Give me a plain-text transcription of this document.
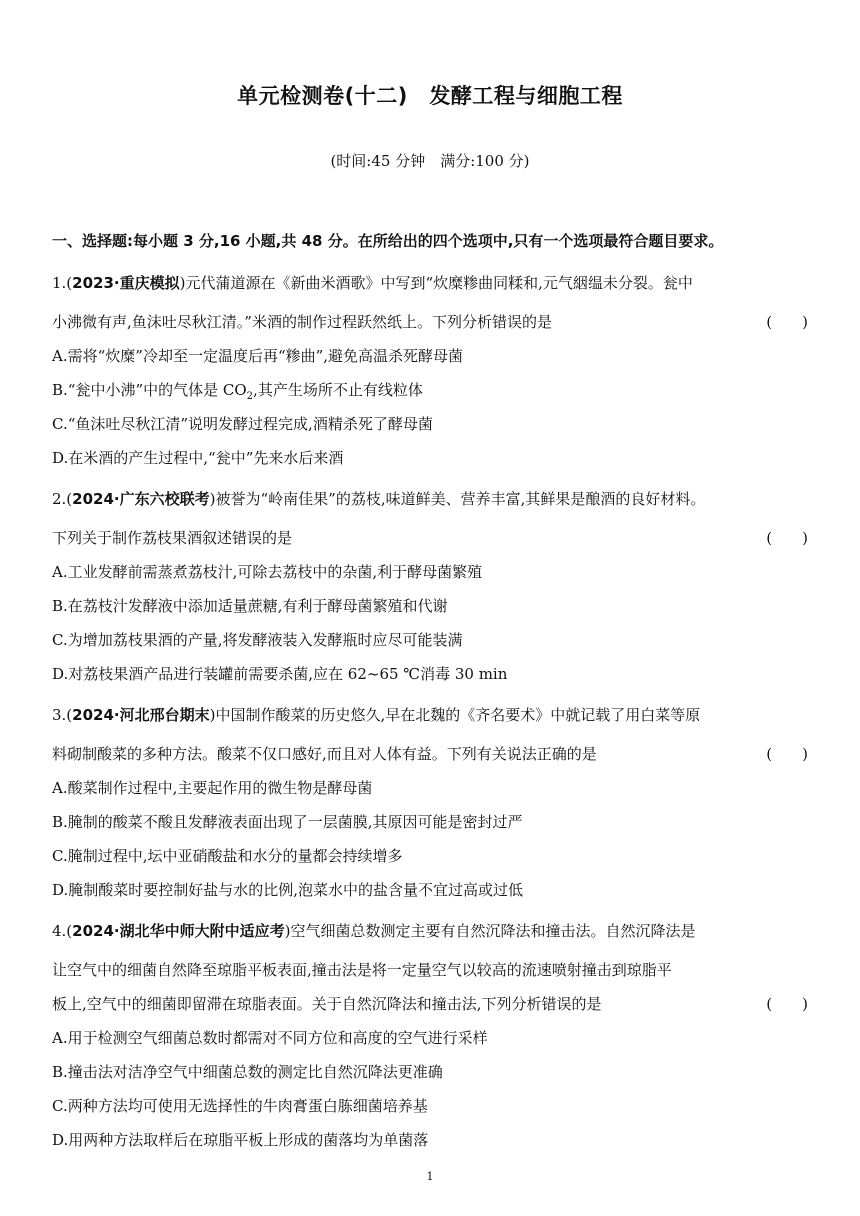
单元检测卷(十二)　发酵工程与细胞工程
(时间:45 分钟　满分:100 分)
一、选择题:每小题 3 分,16 小题,共 48 分。在所给出的四个选项中,只有一个选项最符合题目要求。
1.(2023·重庆模拟)元代蒲道源在《新曲米酒歌》中写到“炊糜糁曲同糅和,元气絪缊未分裂。瓮中
小沸微有声,鱼沫吐尽秋江清。”米酒的制作过程跃然纸上。下列分析错误的是	(　　)
A.需将“炊糜”冷却至一定温度后再“糁曲”,避免高温杀死酵母菌
B.“瓮中小沸”中的气体是 $CO_2$,其产生场所不止有线粒体
C.“鱼沫吐尽秋江清”说明发酵过程完成,酒精杀死了酵母菌
D.在米酒的产生过程中,“瓮中”先来水后来酒
2.(2024·广东六校联考)被誉为“岭南佳果”的荔枝,味道鲜美、营养丰富,其鲜果是酿酒的良好材料。
下列关于制作荔枝果酒叙述错误的是	(　　)
A.工业发酵前需蒸煮荔枝汁,可除去荔枝中的杂菌,利于酵母菌繁殖
B.在荔枝汁发酵液中添加适量蔗糖,有利于酵母菌繁殖和代谢
C.为增加荔枝果酒的产量,将发酵液装入发酵瓶时应尽可能装满
D.对荔枝果酒产品进行装罐前需要杀菌,应在 62~65 ℃消毒 30 min
3.(2024·河北邢台期末)中国制作酸菜的历史悠久,早在北魏的《齐名要术》中就记载了用白菜等原
料砌制酸菜的多种方法。酸菜不仅口感好,而且对人体有益。下列有关说法正确的是	(　　)
A.酸菜制作过程中,主要起作用的微生物是酵母菌
B.腌制的酸菜不酸且发酵液表面出现了一层菌膜,其原因可能是密封过严
C.腌制过程中,坛中亚硝酸盐和水分的量都会持续增多
D.腌制酸菜时要控制好盐与水的比例,泡菜水中的盐含量不宜过高或过低
4.(2024·湖北华中师大附中适应考)空气细菌总数测定主要有自然沉降法和撞击法。自然沉降法是
让空气中的细菌自然降至琼脂平板表面,撞击法是将一定量空气以较高的流速喷射撞击到琼脂平
板上,空气中的细菌即留滞在琼脂表面。关于自然沉降法和撞击法,下列分析错误的是	(　　)
A.用于检测空气细菌总数时都需对不同方位和高度的空气进行采样
B.撞击法对洁净空气中细菌总数的测定比自然沉降法更准确
C.两种方法均可使用无选择性的牛肉膏蛋白胨细菌培养基
D.用两种方法取样后在琼脂平板上形成的菌落均为单菌落
1
